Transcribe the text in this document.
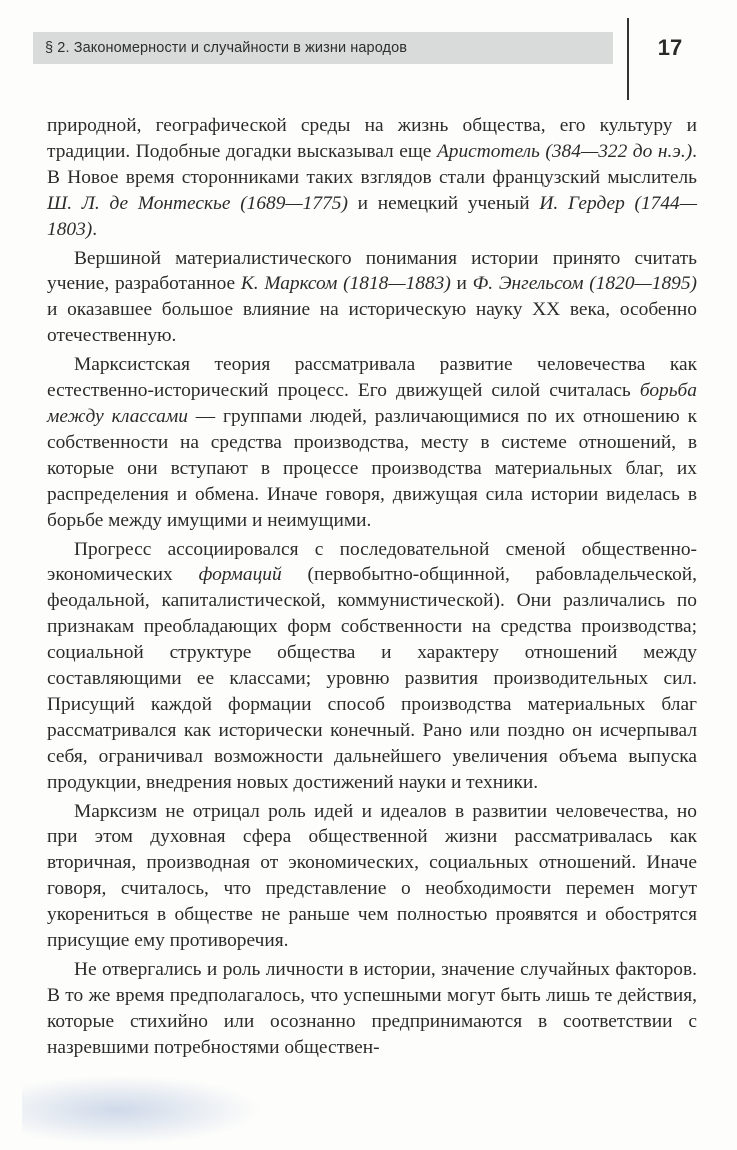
§ 2. Закономерности и случайности в жизни народов	17

природной, географической среды на жизнь общества, его культуру и традиции. Подобные догадки высказывал еще Аристотель (384—322 до н.э.). В Новое время сторонниками таких взглядов стали французский мыслитель Ш. Л. де Монтескье (1689—1775) и немецкий ученый И. Гердер (1744—1803).

Вершиной материалистического понимания истории принято считать учение, разработанное К. Марксом (1818—1883) и Ф. Энгельсом (1820—1895) и оказавшее большое влияние на историческую науку XX века, особенно отечественную.

Марксистская теория рассматривала развитие человечества как естественно-исторический процесс. Его движущей силой считалась борьба между классами — группами людей, различающимися по их отношению к собственности на средства производства, месту в системе отношений, в которые они вступают в процессе производства материальных благ, их распределения и обмена. Иначе говоря, движущая сила истории виделась в борьбе между имущими и неимущими.

Прогресс ассоциировался с последовательной сменой общественно-экономических формаций (первобытно-общинной, рабовладельческой, феодальной, капиталистической, коммунистической). Они различались по признакам преобладающих форм собственности на средства производства; социальной структуре общества и характеру отношений между составляющими ее классами; уровню развития производительных сил. Присущий каждой формации способ производства материальных благ рассматривался как исторически конечный. Рано или поздно он исчерпывал себя, ограничивал возможности дальнейшего увеличения объема выпуска продукции, внедрения новых достижений науки и техники.

Марксизм не отрицал роль идей и идеалов в развитии человечества, но при этом духовная сфера общественной жизни рассматривалась как вторичная, производная от экономических, социальных отношений. Иначе говоря, считалось, что представление о необходимости перемен могут укорениться в обществе не раньше чем полностью проявятся и обострятся присущие ему противоречия.

Не отвергались и роль личности в истории, значение случайных факторов. В то же время предполагалось, что успешными могут быть лишь те действия, которые стихийно или осознанно предпринимаются в соответствии с назревшими потребностями обществен-
